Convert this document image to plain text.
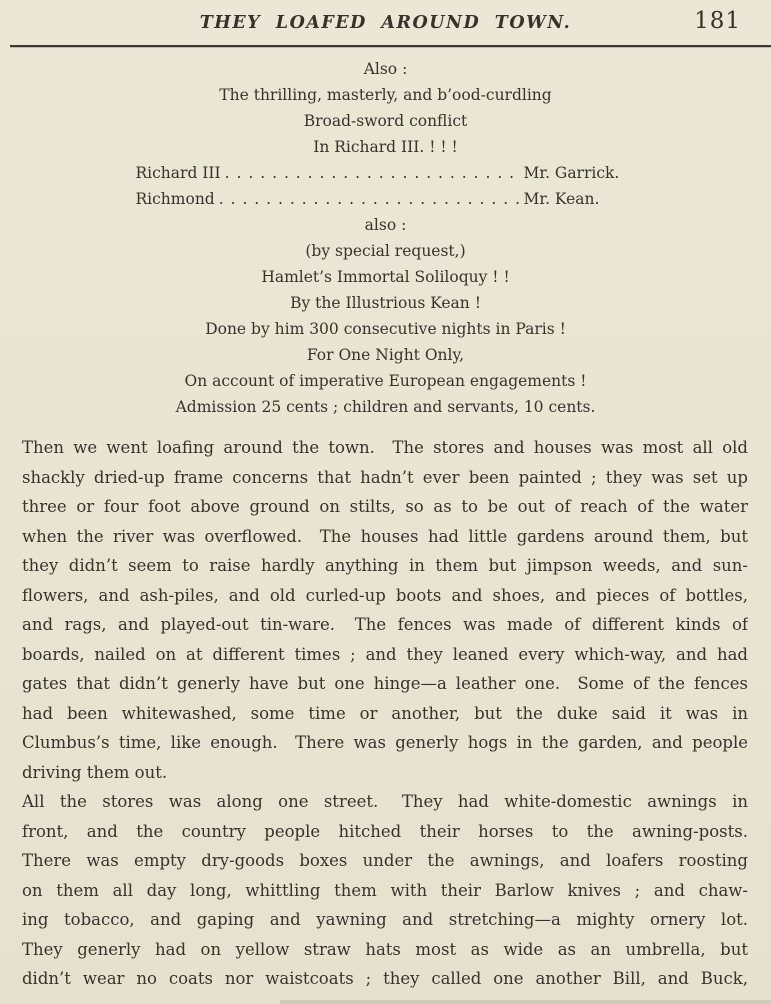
THEY LOAFED AROUND TOWN.	181
Also :
The thrilling, masterly, and b’ood-curdling
Broad-sword conflict
In Richard III. ! ! !
Richard III . . .	Mr. Garrick.
Richmond . . .	Mr. Kean.
also :
(by special request,)
Hamlet’s Immortal Soliloquy ! !
By the Illustrious Kean !
Done by him 300 consecutive nights in Paris !
For One Night Only,
On account of imperative European engagements !
Admission 25 cents ; children and servants, 10 cents.
Then we went loafing around the town.  The stores and houses was most all old
shackly dried-up frame concerns that hadn’t ever been painted ; they was set up
three or four foot above ground on stilts, so as to be out of reach of the water
when the river was overflowed.  The houses had little gardens around them, but
they didn’t seem to raise hardly anything in them but jimpson weeds, and sun-
flowers, and ash-piles, and old curled-up boots and shoes, and pieces of bottles,
and rags, and played-out tin-ware.  The fences was made of different kinds of
boards, nailed on at different times ; and they leaned every which-way, and had
gates that didn’t generly have but one hinge—a leather one.  Some of the fences
had been whitewashed, some time or another, but the duke said it was in
Clumbus’s time, like enough.  There was generly hogs in the garden, and people
driving them out.
All the stores was along one street.  They had white-domestic awnings in
front, and the country people hitched their horses to the awning-posts.
There was empty dry-goods boxes under the awnings, and loafers roosting
on them all day long, whittling them with their Barlow knives ; and chaw-
ing tobacco, and gaping and yawning and stretching—a mighty ornery lot.
They generly had on yellow straw hats most as wide as an umbrella, but
didn’t wear no coats nor waistcoats ; they called one another Bill, and Buck,
